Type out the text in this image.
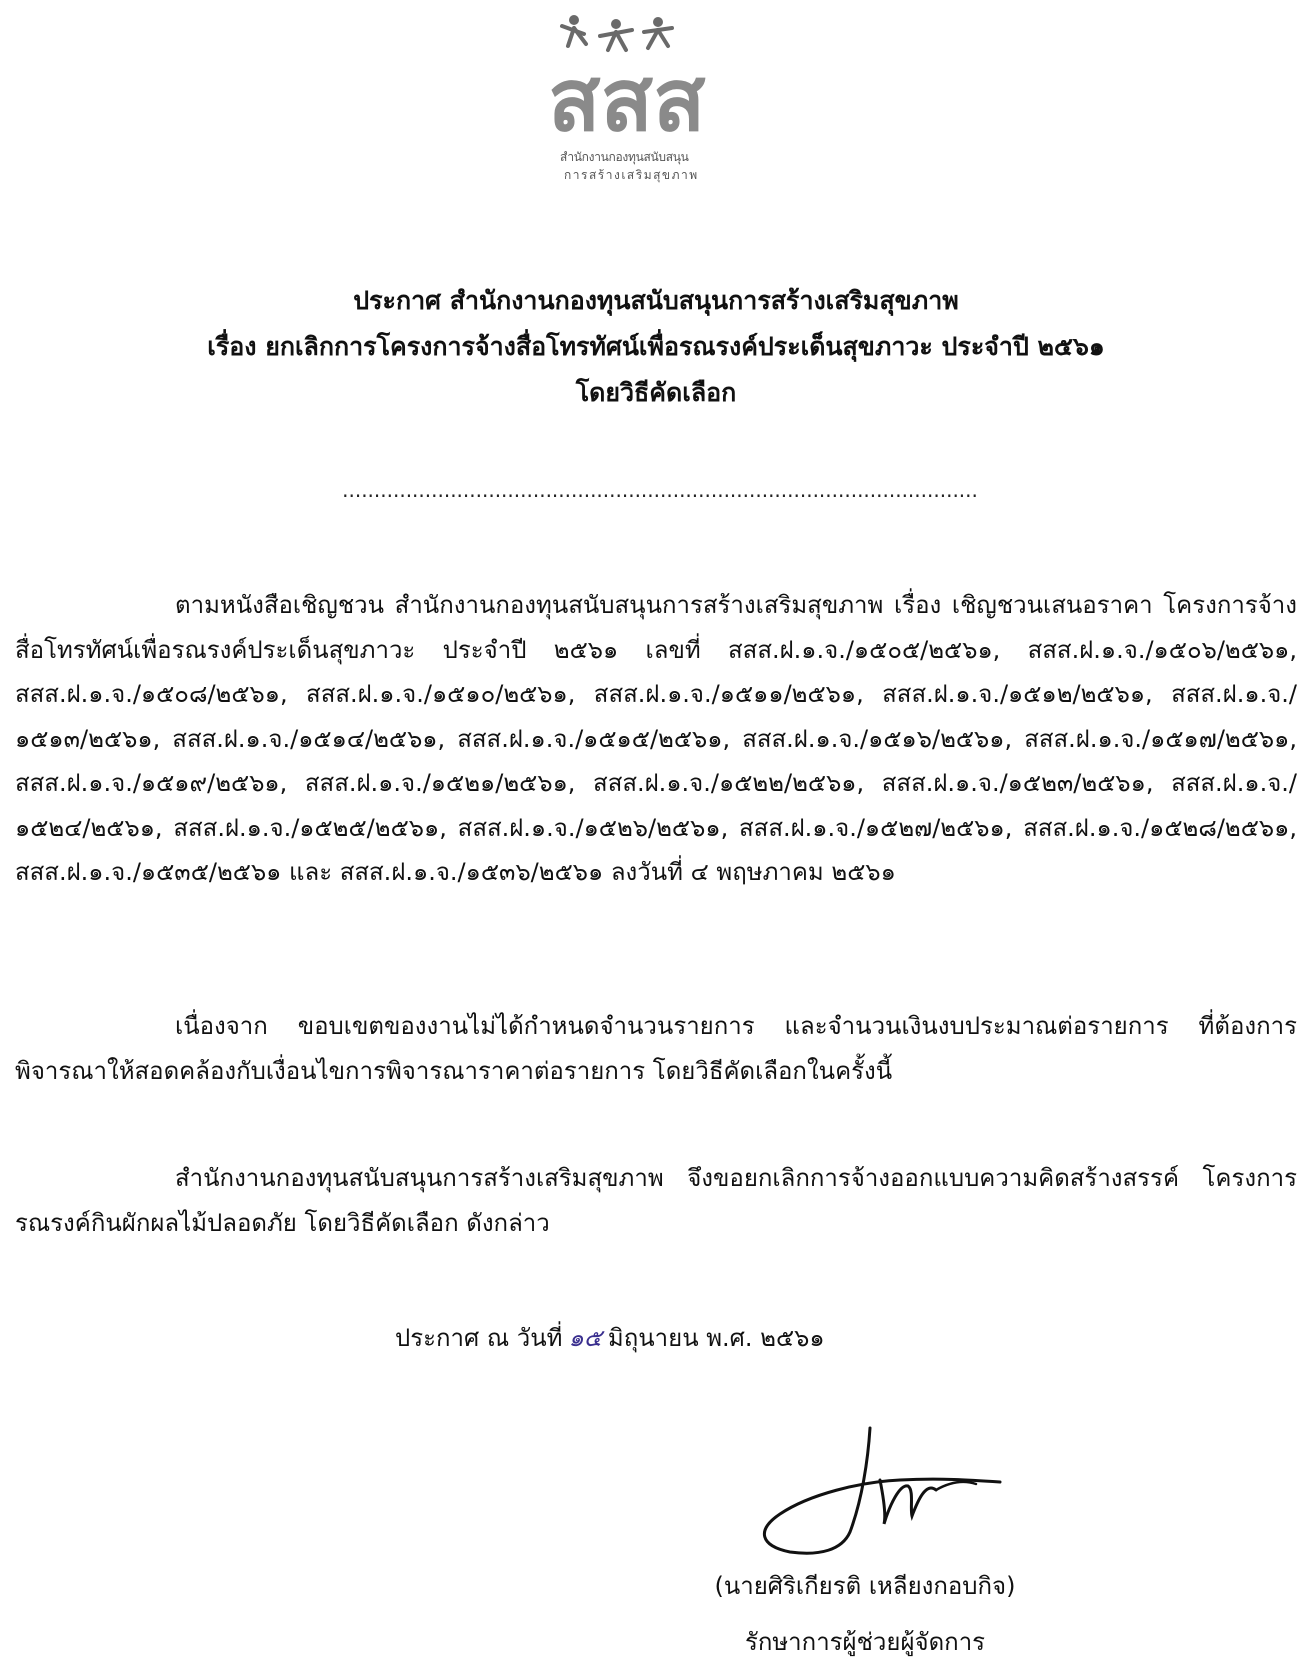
สสส
สำนักงานกองทุนสนับสนุน
การสร้างเสริมสุขภาพ
ประกาศ สำนักงานกองทุนสนับสนุนการสร้างเสริมสุขภาพ
เรื่อง ยกเลิกการโครงการจ้างสื่อโทรทัศน์เพื่อรณรงค์ประเด็นสุขภาวะ ประจำปี ๒๕๖๑
โดยวิธีคัดเลือก
....................................................................................................

ตามหนังสือเชิญชวน สำนักงานกองทุนสนับสนุนการสร้างเสริมสุขภาพ เรื่อง เชิญชวนเสนอราคา โครงการจ้างสื่อโทรทัศน์เพื่อรณรงค์ประเด็นสุขภาวะ ประจำปี ๒๕๖๑ เลขที่ สสส.ฝ.๑.จ./๑๕๐๕/๒๕๖๑, สสส.ฝ.๑.จ./๑๕๐๖/๒๕๖๑, สสส.ฝ.๑.จ./๑๕๐๘/๒๕๖๑, สสส.ฝ.๑.จ./๑๕๑๐/๒๕๖๑, สสส.ฝ.๑.จ./๑๕๑๑/๒๕๖๑, สสส.ฝ.๑.จ./๑๕๑๒/๒๕๖๑, สสส.ฝ.๑.จ./๑๕๑๓/๒๕๖๑, สสส.ฝ.๑.จ./๑๕๑๔/๒๕๖๑, สสส.ฝ.๑.จ./๑๕๑๕/๒๕๖๑, สสส.ฝ.๑.จ./๑๕๑๖/๒๕๖๑, สสส.ฝ.๑.จ./๑๕๑๗/๒๕๖๑, สสส.ฝ.๑.จ./๑๕๑๙/๒๕๖๑, สสส.ฝ.๑.จ./๑๕๒๑/๒๕๖๑, สสส.ฝ.๑.จ./๑๕๒๒/๒๕๖๑, สสส.ฝ.๑.จ./๑๕๒๓/๒๕๖๑, สสส.ฝ.๑.จ./๑๕๒๔/๒๕๖๑, สสส.ฝ.๑.จ./๑๕๒๕/๒๕๖๑, สสส.ฝ.๑.จ./๑๕๒๖/๒๕๖๑, สสส.ฝ.๑.จ./๑๕๒๗/๒๕๖๑, สสส.ฝ.๑.จ./๑๕๒๘/๒๕๖๑, สสส.ฝ.๑.จ./๑๕๓๕/๒๕๖๑ และ สสส.ฝ.๑.จ./๑๕๓๖/๒๕๖๑ ลงวันที่ ๔ พฤษภาคม ๒๕๖๑

เนื่องจาก ขอบเขตของงานไม่ได้กำหนดจำนวนรายการ และจำนวนเงินงบประมาณต่อรายการ ที่ต้องการพิจารณาให้สอดคล้องกับเงื่อนไขการพิจารณาราคาต่อรายการ โดยวิธีคัดเลือกในครั้งนี้

สำนักงานกองทุนสนับสนุนการสร้างเสริมสุขภาพ จึงขอยกเลิกการจ้างออกแบบความคิดสร้างสรรค์ โครงการรณรงค์กินผักผลไม้ปลอดภัย โดยวิธีคัดเลือก ดังกล่าว

ประกาศ ณ วันที่ ๑๕ มิถุนายน พ.ศ. ๒๕๖๑
(นายศิริเกียรติ เหลียงกอบกิจ)
รักษาการผู้ช่วยผู้จัดการ
